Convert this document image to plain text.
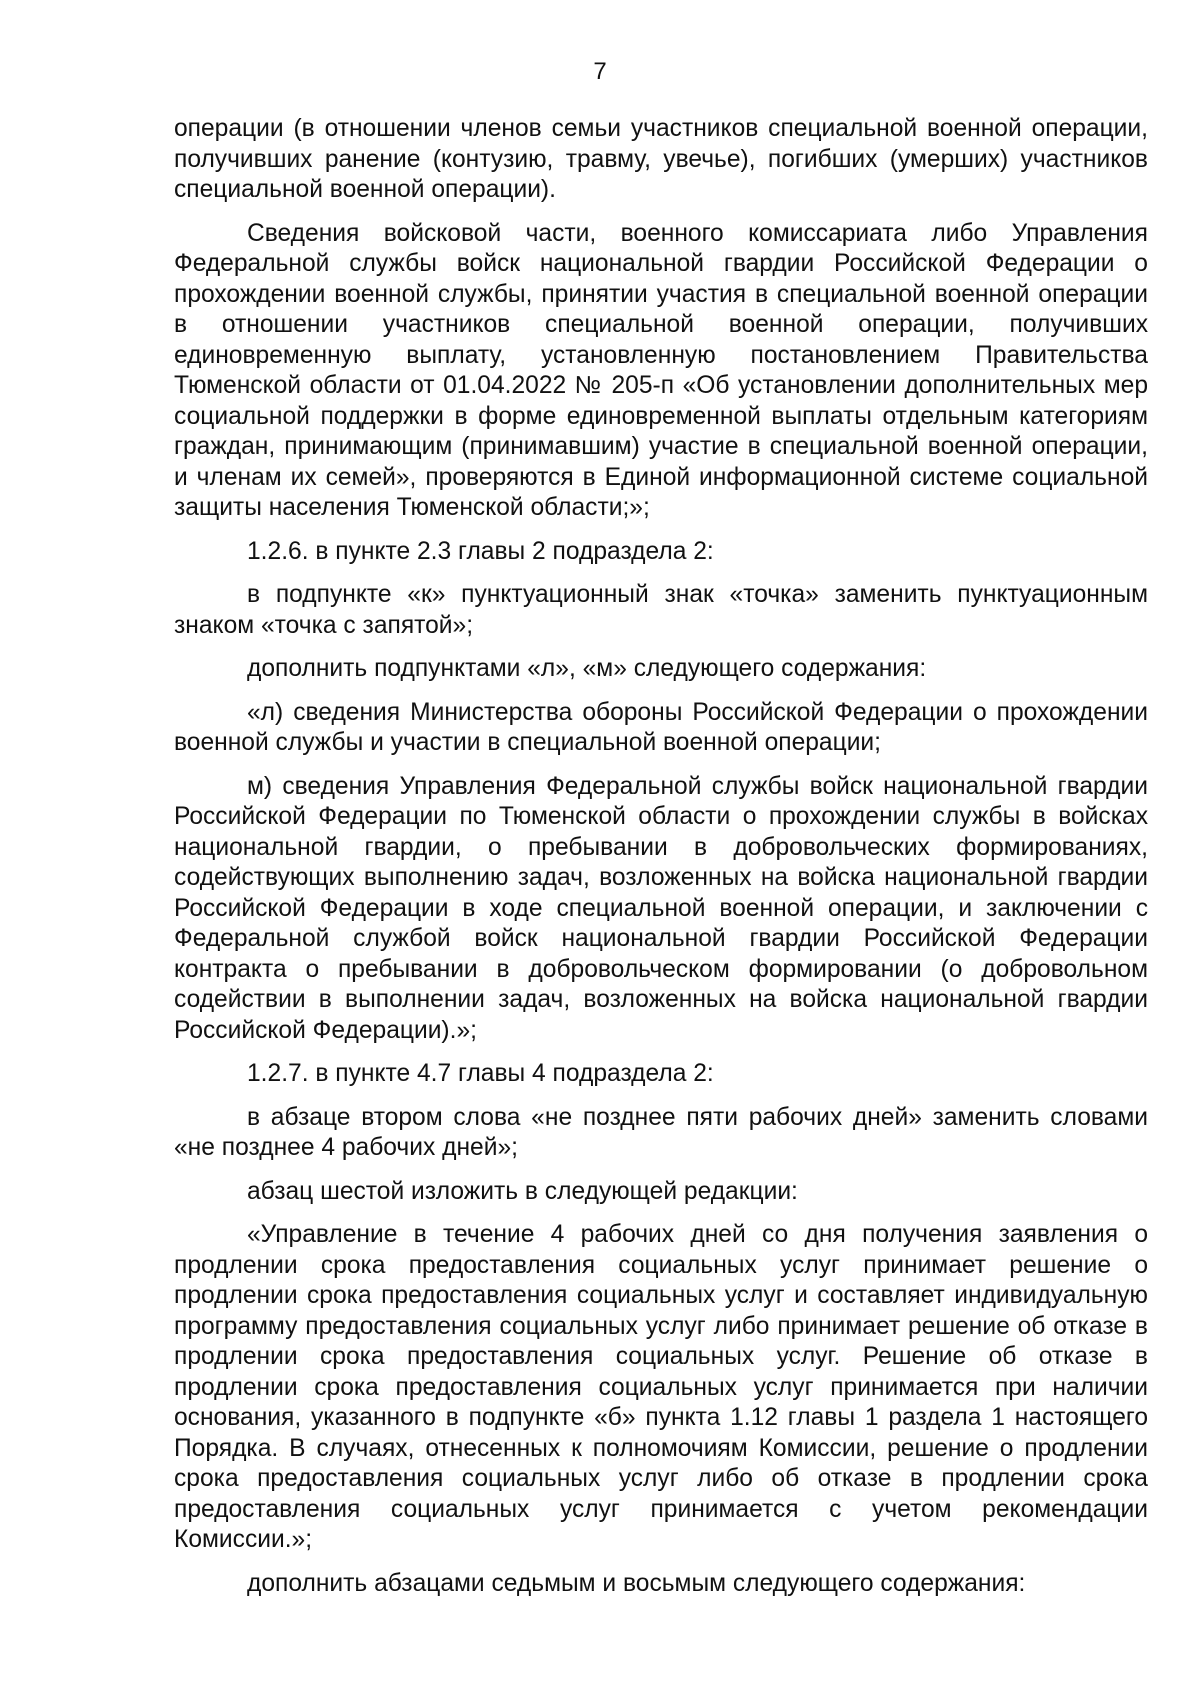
7

операции (в отношении членов семьи участников специальной военной операции, получивших ранение (контузию, травму, увечье), погибших (умерших) участников специальной военной операции).

Сведения войсковой части, военного комиссариата либо Управления Федеральной службы войск национальной гвардии Российской Федерации о прохождении военной службы, принятии участия в специальной военной операции в отношении участников специальной военной операции, получивших единовременную выплату, установленную постановлением Правительства Тюменской области от 01.04.2022 № 205-п «Об установлении дополнительных мер социальной поддержки в форме единовременной выплаты отдельным категориям граждан, принимающим (принимавшим) участие в специальной военной операции, и членам их семей», проверяются в Единой информационной системе социальной защиты населения Тюменской области;»;

1.2.6. в пункте 2.3 главы 2 подраздела 2:

в подпункте «к» пунктуационный знак «точка» заменить пунктуационным знаком «точка с запятой»;

дополнить подпунктами «л», «м» следующего содержания:

«л) сведения Министерства обороны Российской Федерации о прохождении военной службы и участии в специальной военной операции;

м) сведения Управления Федеральной службы войск национальной гвардии Российской Федерации по Тюменской области о прохождении службы в войсках национальной гвардии, о пребывании в добровольческих формированиях, содействующих выполнению задач, возложенных на войска национальной гвардии Российской Федерации в ходе специальной военной операции, и заключении с Федеральной службой войск национальной гвардии Российской Федерации контракта о пребывании в добровольческом формировании (о добровольном содействии в выполнении задач, возложенных на войска национальной гвардии Российской Федерации).»;

1.2.7. в пункте 4.7 главы 4 подраздела 2:

в абзаце втором слова «не позднее пяти рабочих дней» заменить словами «не позднее 4 рабочих дней»;

абзац шестой изложить в следующей редакции:

«Управление в течение 4 рабочих дней со дня получения заявления о продлении срока предоставления социальных услуг принимает решение о продлении срока предоставления социальных услуг и составляет индивидуальную программу предоставления социальных услуг либо принимает решение об отказе в продлении срока предоставления социальных услуг. Решение об отказе в продлении срока предоставления социальных услуг принимается при наличии основания, указанного в подпункте «б» пункта 1.12 главы 1 раздела 1 настоящего Порядка. В случаях, отнесенных к полномочиям Комиссии, решение о продлении срока предоставления социальных услуг либо об отказе в продлении срока предоставления социальных услуг принимается с учетом рекомендации Комиссии.»;

дополнить абзацами седьмым и восьмым следующего содержания:
